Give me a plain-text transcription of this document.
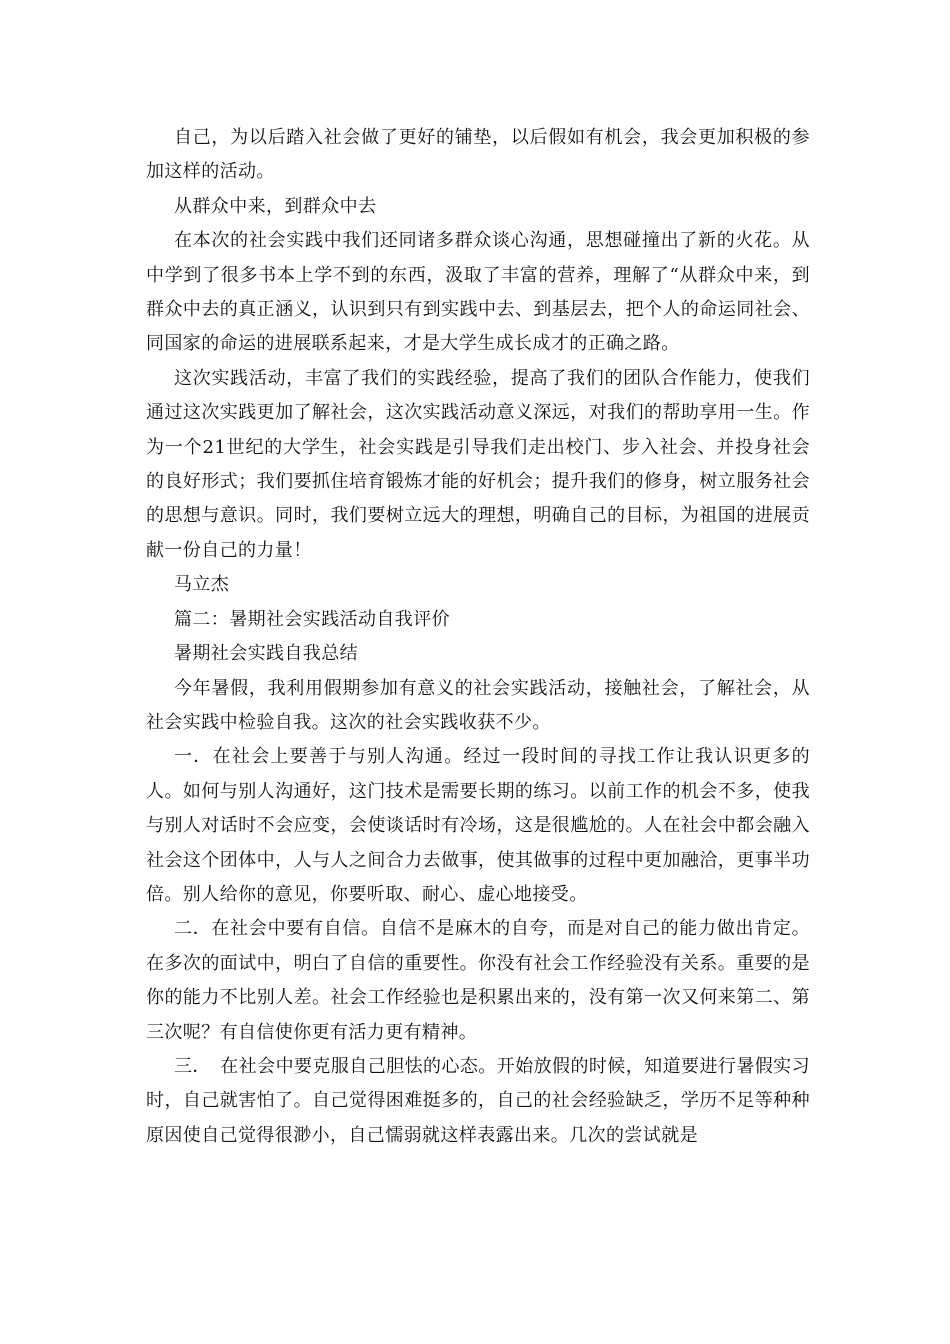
自己，为以后踏入社会做了更好的铺垫，以后假如有机会，我会更加积极的参加这样的活动。

从群众中来，到群众中去

在本次的社会实践中我们还同诸多群众谈心沟通，思想碰撞出了新的火花。从中学到了很多书本上学不到的东西，汲取了丰富的营养，理解了“从群众中来，到群众中去的真正涵义，认识到只有到实践中去、到基层去，把个人的命运同社会、同国家的命运的进展联系起来，才是大学生成长成才的正确之路。

这次实践活动，丰富了我们的实践经验，提高了我们的团队合作能力，使我们通过这次实践更加了解社会，这次实践活动意义深远，对我们的帮助享用一生。作为一个21世纪的大学生，社会实践是引导我们走出校门、步入社会、并投身社会的良好形式；我们要抓住培育锻炼才能的好机会；提升我们的修身，树立服务社会的思想与意识。同时，我们要树立远大的理想，明确自己的目标，为祖国的进展贡献一份自己的力量！

马立杰

篇二：暑期社会实践活动自我评价

暑期社会实践自我总结

今年暑假，我利用假期参加有意义的社会实践活动，接触社会，了解社会，从社会实践中检验自我。这次的社会实践收获不少。

一．在社会上要善于与别人沟通。经过一段时间的寻找工作让我认识更多的人。如何与别人沟通好，这门技术是需要长期的练习。以前工作的机会不多，使我与别人对话时不会应变，会使谈话时有冷场，这是很尴尬的。人在社会中都会融入社会这个团体中，人与人之间合力去做事，使其做事的过程中更加融洽，更事半功倍。别人给你的意见，你要听取、耐心、虚心地接受。

二．在社会中要有自信。自信不是麻木的自夸，而是对自己的能力做出肯定。在多次的面试中，明白了自信的重要性。你没有社会工作经验没有关系。重要的是你的能力不比别人差。社会工作经验也是积累出来的，没有第一次又何来第二、第三次呢？有自信使你更有活力更有精神。

三．　在社会中要克服自己胆怯的心态。开始放假的时候，知道要进行暑假实习时，自己就害怕了。自己觉得困难挺多的，自己的社会经验缺乏，学历不足等种种原因使自己觉得很渺小，自己懦弱就这样表露出来。几次的尝试就是
